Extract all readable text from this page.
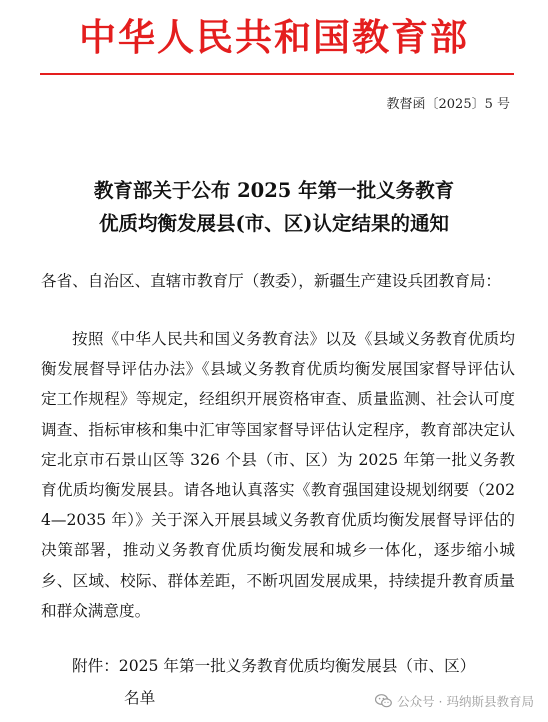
中华人民共和国教育部
教督函〔2025〕5 号
教育部关于公布 2025 年第一批义务教育
优质均衡发展县(市、区)认定结果的通知
各省、自治区、直辖市教育厅（教委），新疆生产建设兵团教育局：
按照《中华人民共和国义务教育法》以及《县域义务教育优质均衡发展督导评估办法》《县域义务教育优质均衡发展国家督导评估认定工作规程》等规定，经组织开展资格审查、质量监测、社会认可度调查、指标审核和集中汇审等国家督导评估认定程序，教育部决定认定北京市石景山区等 326 个县（市、区）为 2025 年第一批义务教育优质均衡发展县。请各地认真落实《教育强国建设规划纲要（2024—2035 年）》关于深入开展县域义务教育优质均衡发展督导评估的决策部署，推动义务教育优质均衡发展和城乡一体化，逐步缩小城乡、区域、校际、群体差距，不断巩固发展成果，持续提升教育质量和群众满意度。
附件：2025 年第一批义务教育优质均衡发展县（市、区）
名单	公众号 · 玛纳斯县教育局
